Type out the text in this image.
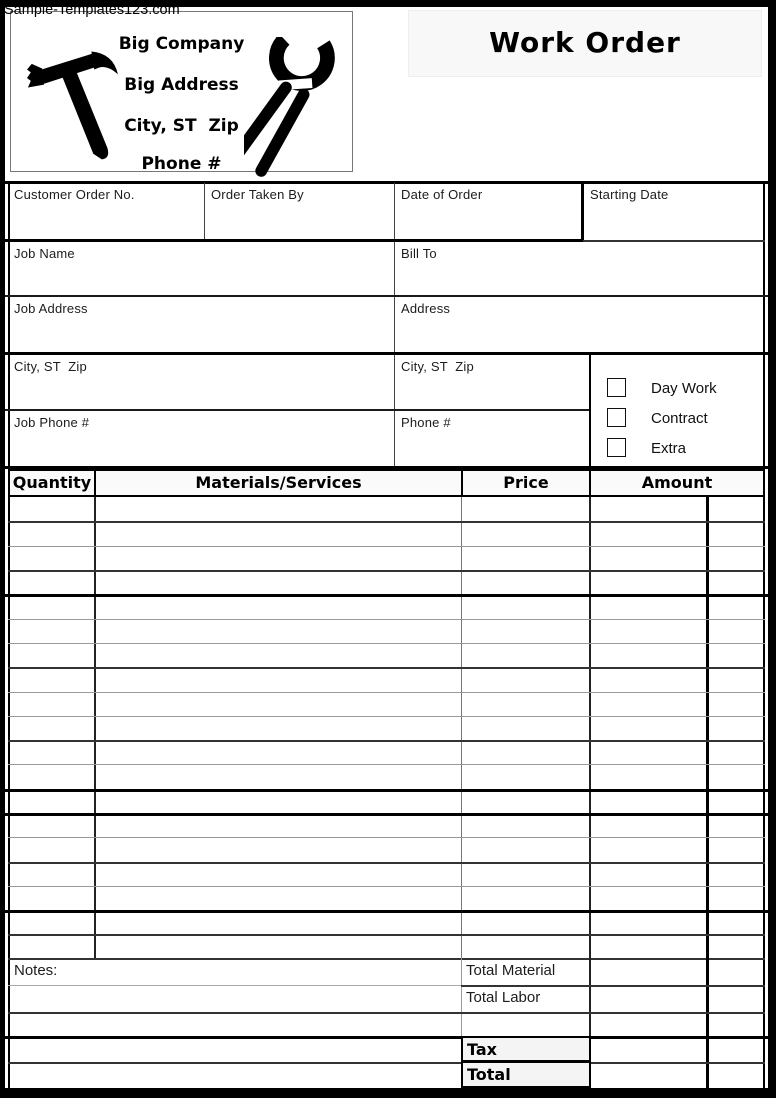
Sample-Templates123.com
Big Company
Big Address
City, ST  Zip
Phone #
Work Order
Customer Order No.	Order Taken By	Date of Order	Starting Date
Job Name	Bill To
Job Address	Address
City, ST  Zip	City, ST  Zip
Job Phone #	Phone #
Day Work
Contract
Extra
Quantity	Materials/Services	Price	Amount
Notes:	Total Material
Total Labor
Tax
Total
